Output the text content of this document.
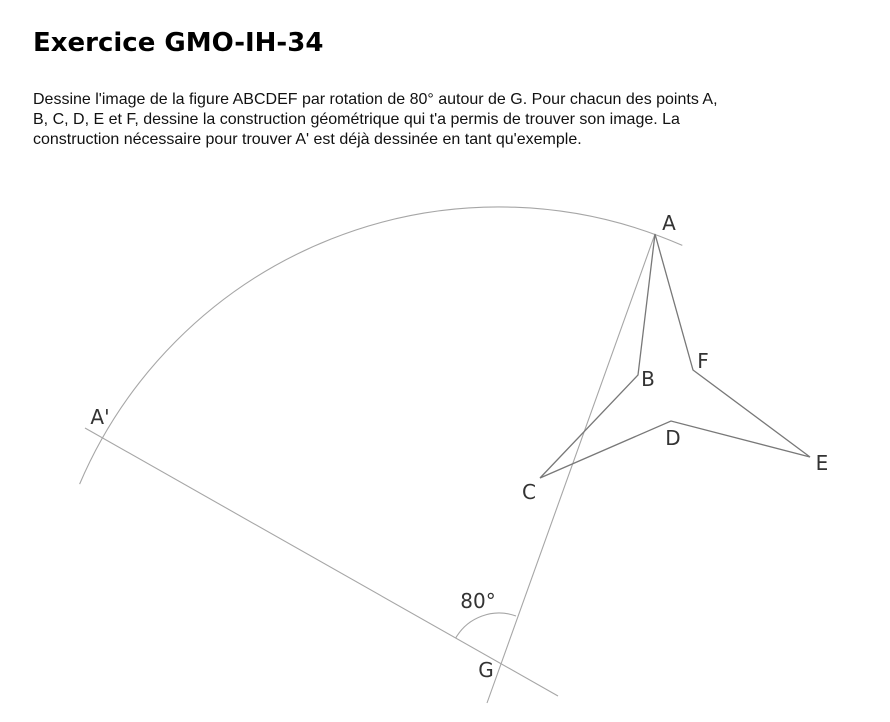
Exercice GMO-IH-34
Dessine l'image de la figure ABCDEF par rotation de 80° autour de G. Pour chacun des points A,
B, C, D, E et F, dessine la construction géométrique qui t'a permis de trouver son image. La
construction nécessaire pour trouver A' est déjà dessinée en tant qu'exemple.
A
B
C
D
E
F
G
A'
80°
